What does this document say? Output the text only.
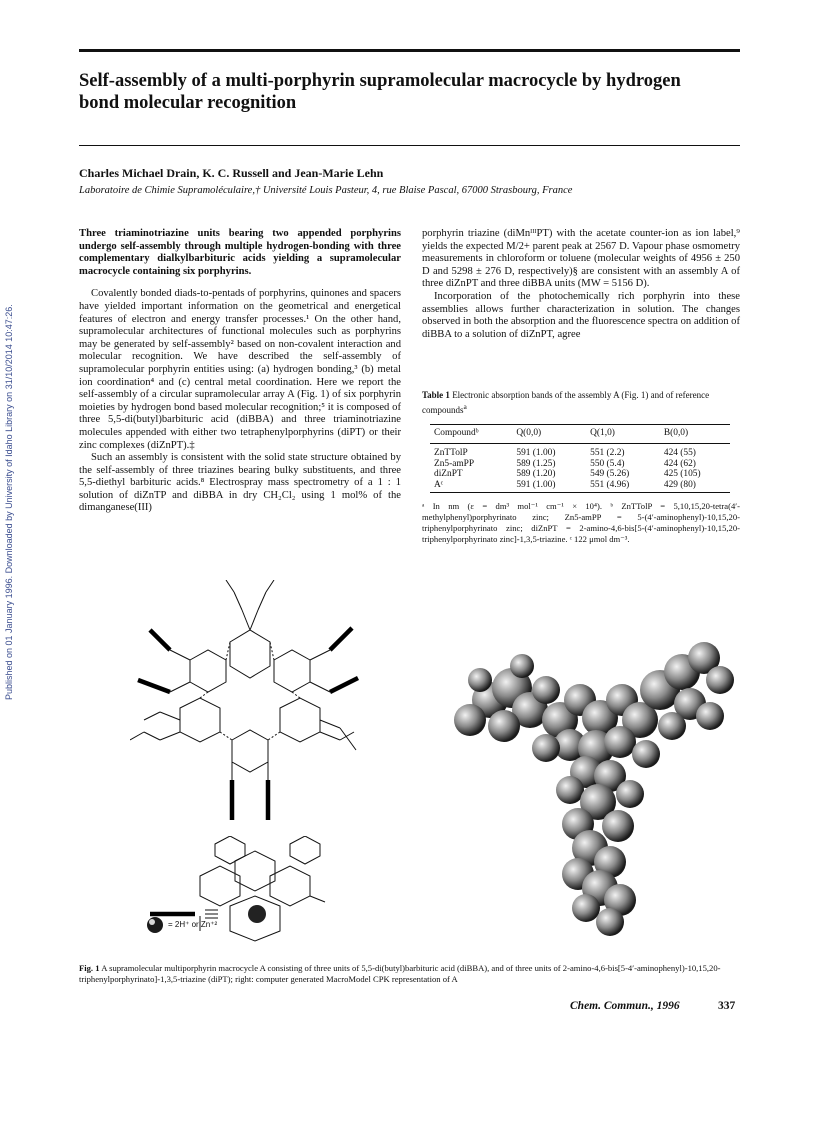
Published on 01 January 1996. Downloaded by University of Idaho Library on 31/10/2014 10:47:26.
Self-assembly of a multi-porphyrin supramolecular macrocycle by hydrogen bond molecular recognition
Charles Michael Drain, K. C. Russell and Jean-Marie Lehn
Laboratoire de Chimie Supramoléculaire,† Université Louis Pasteur, 4, rue Blaise Pascal, 67000 Strasbourg, France

Three triaminotriazine units bearing two appended porphyrins undergo self-assembly through multiple hydrogen-bonding with three complementary dialkylbarbituric acids yielding a supramolecular macrocycle containing six porphyrins.

Covalently bonded diads-to-pentads of porphyrins, quinones and spacers have yielded important information on the geometrical and energetical features of electron and energy transfer processes.¹ On the other hand, supramolecular architectures of functional molecules such as porphyrins may be generated by self-assembly² based on non-covalent interaction and molecular recognition. We have described the self-assembly of supramolecular porphyrin entities using: (a) hydrogen bonding,³ (b) metal ion coordination⁴ and (c) central metal coordination. Here we report the self-assembly of a circular supramolecular array A (Fig. 1) of six porphyrin moieties by hydrogen bond based molecular recognition;⁵ it is composed of three 5,5-di(butyl)barbituric acid (diBBA) and three triaminotriazine molecules appended with either two tetraphenylporphyrins (diPT) or their zinc complexes (diZnPT).‡

Such an assembly is consistent with the solid state structure obtained by the self-assembly of three triazines bearing bulky substituents, and three 5,5-diethyl barbituric acids.⁸ Electrospray mass spectrometry of a 1 : 1 solution of diZnTP and diBBA in dry CH₂Cl₂ using 1 mol% of the dimanganese(III)

porphyrin triazine (diMnᴵᴵᴵPT) with the acetate counter-ion as ion label,⁹ yields the expected M/2+ parent peak at 2567 D. Vapour phase osmometry measurements in chloroform or toluene (molecular weights of 4956 ± 250 D and 5298 ± 276 D, respectively)§ are consistent with an assembly A of three diZnPT and three diBBA units (MW = 5156 D).

Incorporation of the photochemically rich porphyrin into these assemblies allows further characterization in solution. The changes observed in both the absorption and the fluorescence spectra on addition of diBBA to a solution of diZnPT, agree

Table 1 Electronic absorption bands of the assembly A (Fig. 1) and of reference compounds$^a$
Compoundᵇ	Q(0,0)	Q(1,0)	B(0,0)
ZnTTolP	591 (1.00)	551 (2.2)	424 (55)
Zn5-amPP	589 (1.25)	550 (5.4)	424 (62)
diZnPT	589 (1.20)	549 (5.26)	425 (105)
Aᶜ	591 (1.00)	551 (4.96)	429 (80)
ᵃ In nm (ε = dm³ mol⁻¹ cm⁻¹ × 10⁴). ᵇ ZnTTolP = 5,10,15,20-tetra(4′-methylphenyl)porphyrinato zinc; Zn5-amPP = 5-(4′-aminophenyl)-10,15,20-triphenylporphyrinato zinc; diZnPT = 2-amino-4,6-bis[5-(4′-aminophenyl)-10,15,20-triphenylporphyrinato zinc]-1,3,5-triazine. ᶜ 122 μmol dm⁻³.
= 2H⁺ or Zn⁺²
Fig. 1 A supramolecular multiporphyrin macrocycle A consisting of three units of 5,5-di(butyl)barbituric acid (diBBA), and of three units of 2-amino-4,6-bis[5-4′-aminophenyl)-10,15,20-triphenylporphyrinato]-1,3,5-triazine (diPT); right: computer generated MacroModel CPK representation of A
Chem. Commun., 1996	337
